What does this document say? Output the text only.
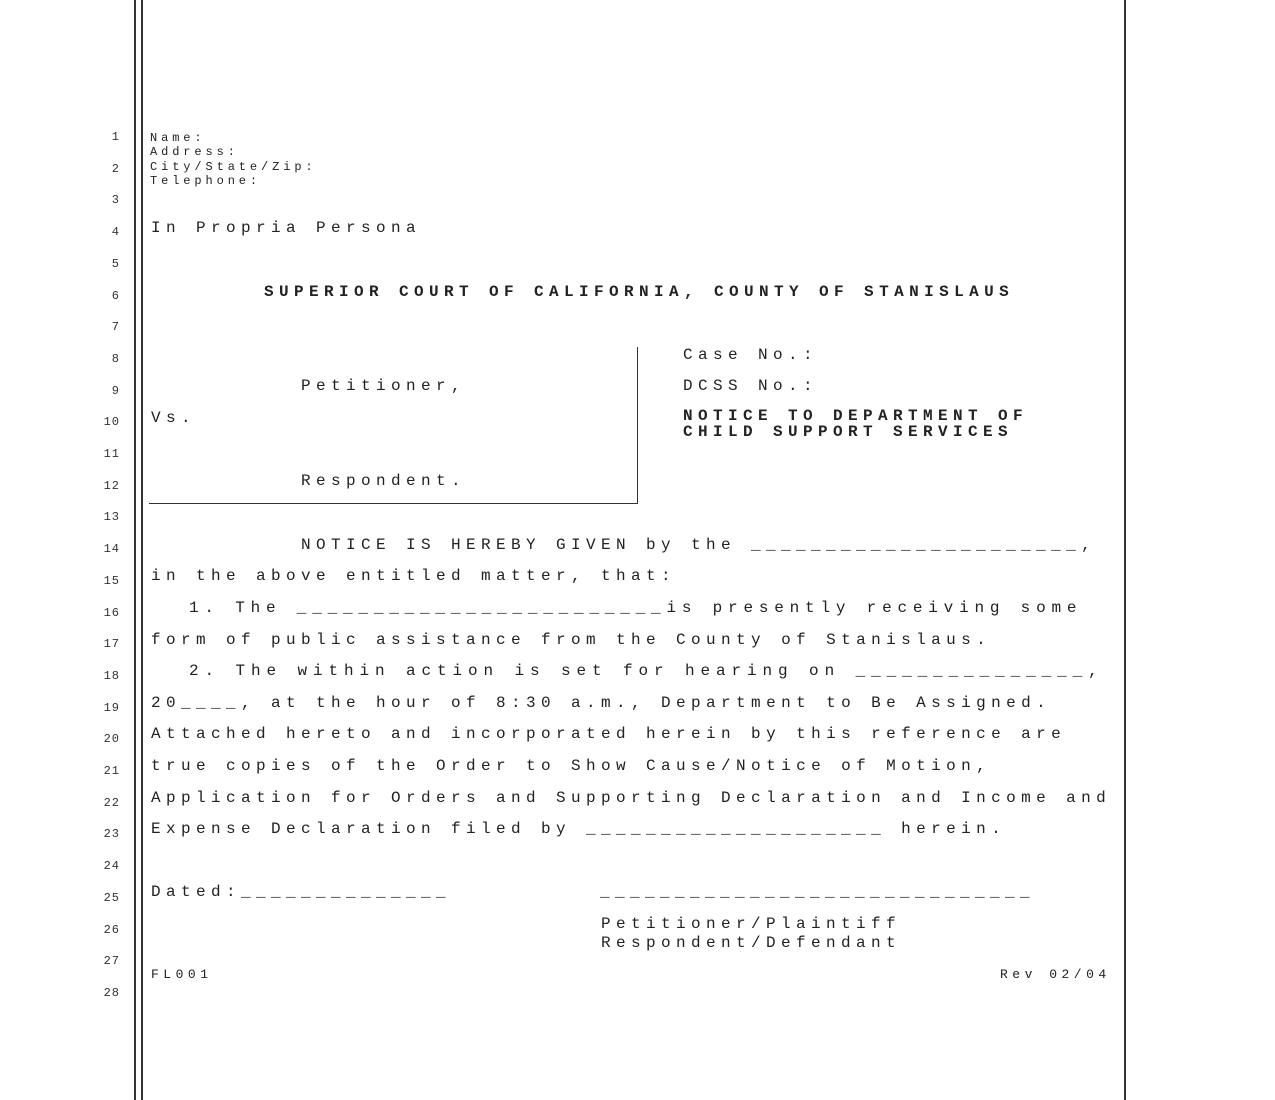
1
2
3
4
5
6
7
8
9
10
11
12
13
14
15
16
17
18
19
20
21
22
23
24
25
26
27
28
Name:
Address:
City/State/Zip:
Telephone:
In Propria Persona
SUPERIOR COURT OF CALIFORNIA, COUNTY OF STANISLAUS
Petitioner,
Vs.
Respondent.
Case No.:
DCSS No.:
NOTICE TO DEPARTMENT OF
CHILD SUPPORT SERVICES
NOTICE IS HEREBY GIVEN by the ______________________,
in the above entitled matter, that:
1. The ________________________is presently receiving some
form of public assistance from the County of Stanislaus.
2. The within action is set for hearing on _______________,
20____, at the hour of 8:30 a.m., Department to Be Assigned.
Attached hereto and incorporated herein by this reference are
true copies of the Order to Show Cause/Notice of Motion,
Application for Orders and Supporting Declaration and Income and
Expense Declaration filed by ____________________ herein.
Dated:______________	_____________________________
Petitioner/Plaintiff
Respondent/Defendant
FL001	Rev 02/04
